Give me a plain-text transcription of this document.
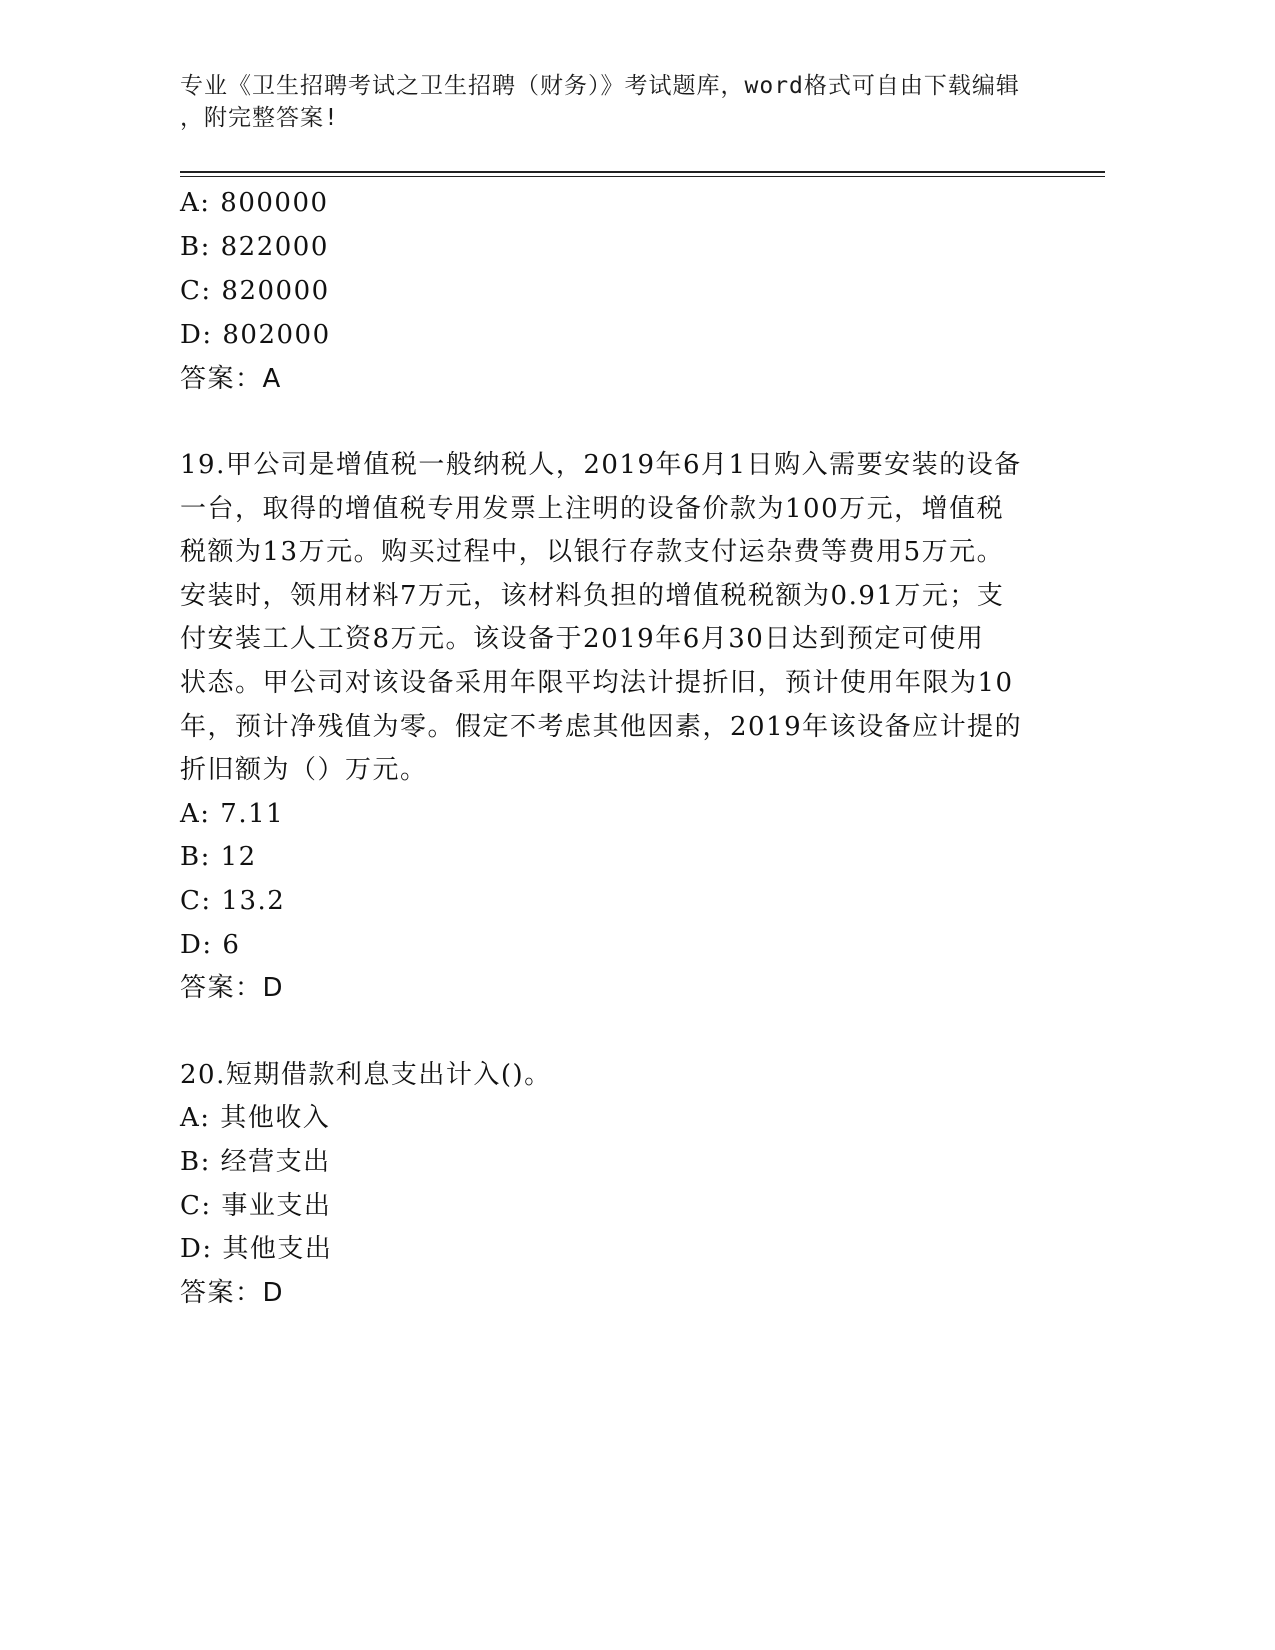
专业《卫生招聘考试之卫生招聘（财务）》考试题库，word格式可自由下载编辑
，附完整答案!
A: 800000
B: 822000
C: 820000
D: 802000
答案：A
19.甲公司是增值税一般纳税人，2019年6月1日购入需要安装的设备
一台，取得的增值税专用发票上注明的设备价款为100万元，增值税
税额为13万元。购买过程中，以银行存款支付运杂费等费用5万元。
安装时，领用材料7万元，该材料负担的增值税税额为0.91万元；支
付安装工人工资8万元。该设备于2019年6月30日达到预定可使用
状态。甲公司对该设备采用年限平均法计提折旧，预计使用年限为10
年，预计净残值为零。假定不考虑其他因素，2019年该设备应计提的
折旧额为（）万元。
A: 7.11
B: 12
C: 13.2
D: 6
答案：D
20.短期借款利息支出计入()。
A: 其他收入
B: 经营支出
C: 事业支出
D: 其他支出
答案：D
